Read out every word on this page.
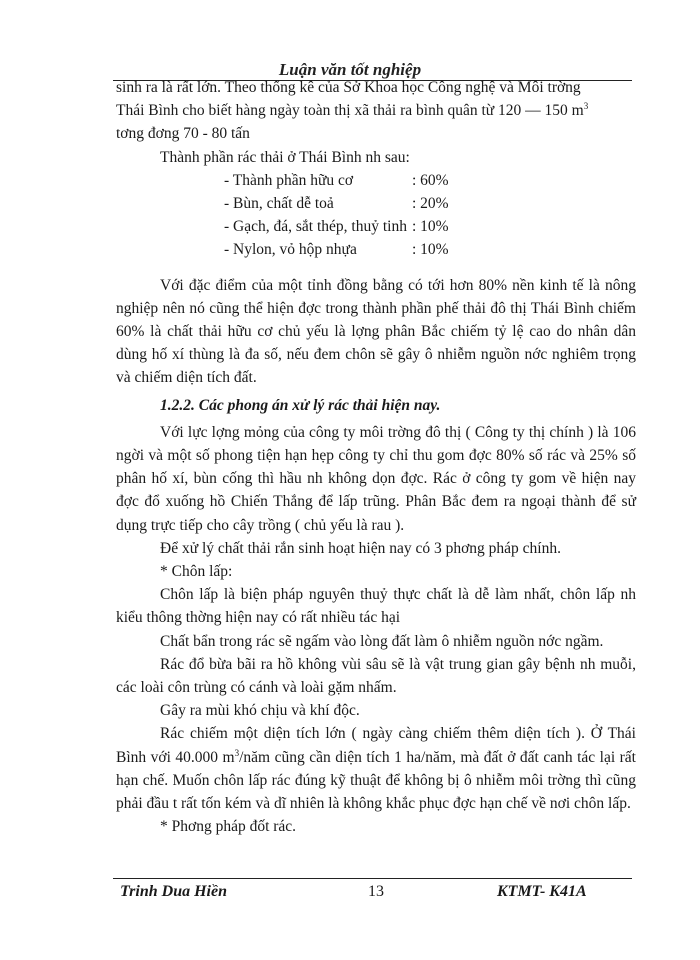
Luận văn tốt nghiệp

sinh ra là rất lớn. Theo thống kê của Sở Khoa học Công nghệ và Môi trờng

Thái Bình cho biết hàng ngày toàn thị xã thải ra bình quân từ 120 — 150 $m^3$

tơng đơng 70 - 80 tấn

Thành phần rác thải ở Thái Bình nh sau:

- Thành phần hữu cơ	: 60%
- Bùn, chất dễ toả	: 20%
- Gạch, đá, sắt thép, thuỷ tinh : 10%
- Nylon, vỏ hộp nhựa	: 10%

Với đặc điểm của một tỉnh đồng bằng có tới hơn 80% nền kinh tế là nông nghiệp nên nó cũng thể hiện đợc trong thành phần phế thải đô thị Thái Bình chiếm 60% là chất thải hữu cơ chủ yếu là lợng phân Bắc chiếm tỷ lệ cao do nhân dân dùng hố xí thùng là đa số, nếu đem chôn sẽ gây ô nhiễm nguồn nớc nghiêm trọng và chiếm diện tích đất.

1.2.2. Các phong án xử lý rác thải hiện nay.

Với lực lợng mỏng của công ty môi trờng đô thị ( Công ty thị chính ) là 106 ngời và một số phong tiện hạn hẹp công ty chỉ thu gom đợc 80% số rác và 25% số phân hố xí, bùn cống thì hầu nh không dọn đợc. Rác ở công ty gom về hiện nay đợc đổ xuống hồ Chiến Thắng để lấp trũng. Phân Bắc đem ra ngoại thành để sử dụng trực tiếp cho cây trồng ( chủ yếu là rau ).

Để xử lý chất thải rắn sinh hoạt hiện nay có 3 phơng pháp chính.

* Chôn lấp:

Chôn lấp là biện pháp nguyên thuỷ thực chất là dễ làm nhất, chôn lấp nh kiểu thông thờng hiện nay có rất nhiều tác hại

Chất bẩn trong rác sẽ ngấm vào lòng đất làm ô nhiễm nguồn nớc ngầm.

Rác đổ bừa bãi ra hồ không vùi sâu sẽ là vật trung gian gây bệnh nh muỗi, các loài côn trùng có cánh và loài gặm nhấm.

Gây ra mùi khó chịu và khí độc.

Rác chiếm một diện tích lớn ( ngày càng chiếm thêm diện tích ). Ở Thái Bình với 40.000 $m^3$/năm cũng cần diện tích 1 ha/năm, mà đất ở đất canh tác lại rất hạn chế. Muốn chôn lấp rác đúng kỹ thuật để không bị ô nhiễm môi trờng thì cũng phải đầu t rất tốn kém và dĩ nhiên là không khắc phục đợc hạn chế về nơi chôn lấp.

* Phơng pháp đốt rác.

Trinh Dua Hiền	13	KTMT- K41A
